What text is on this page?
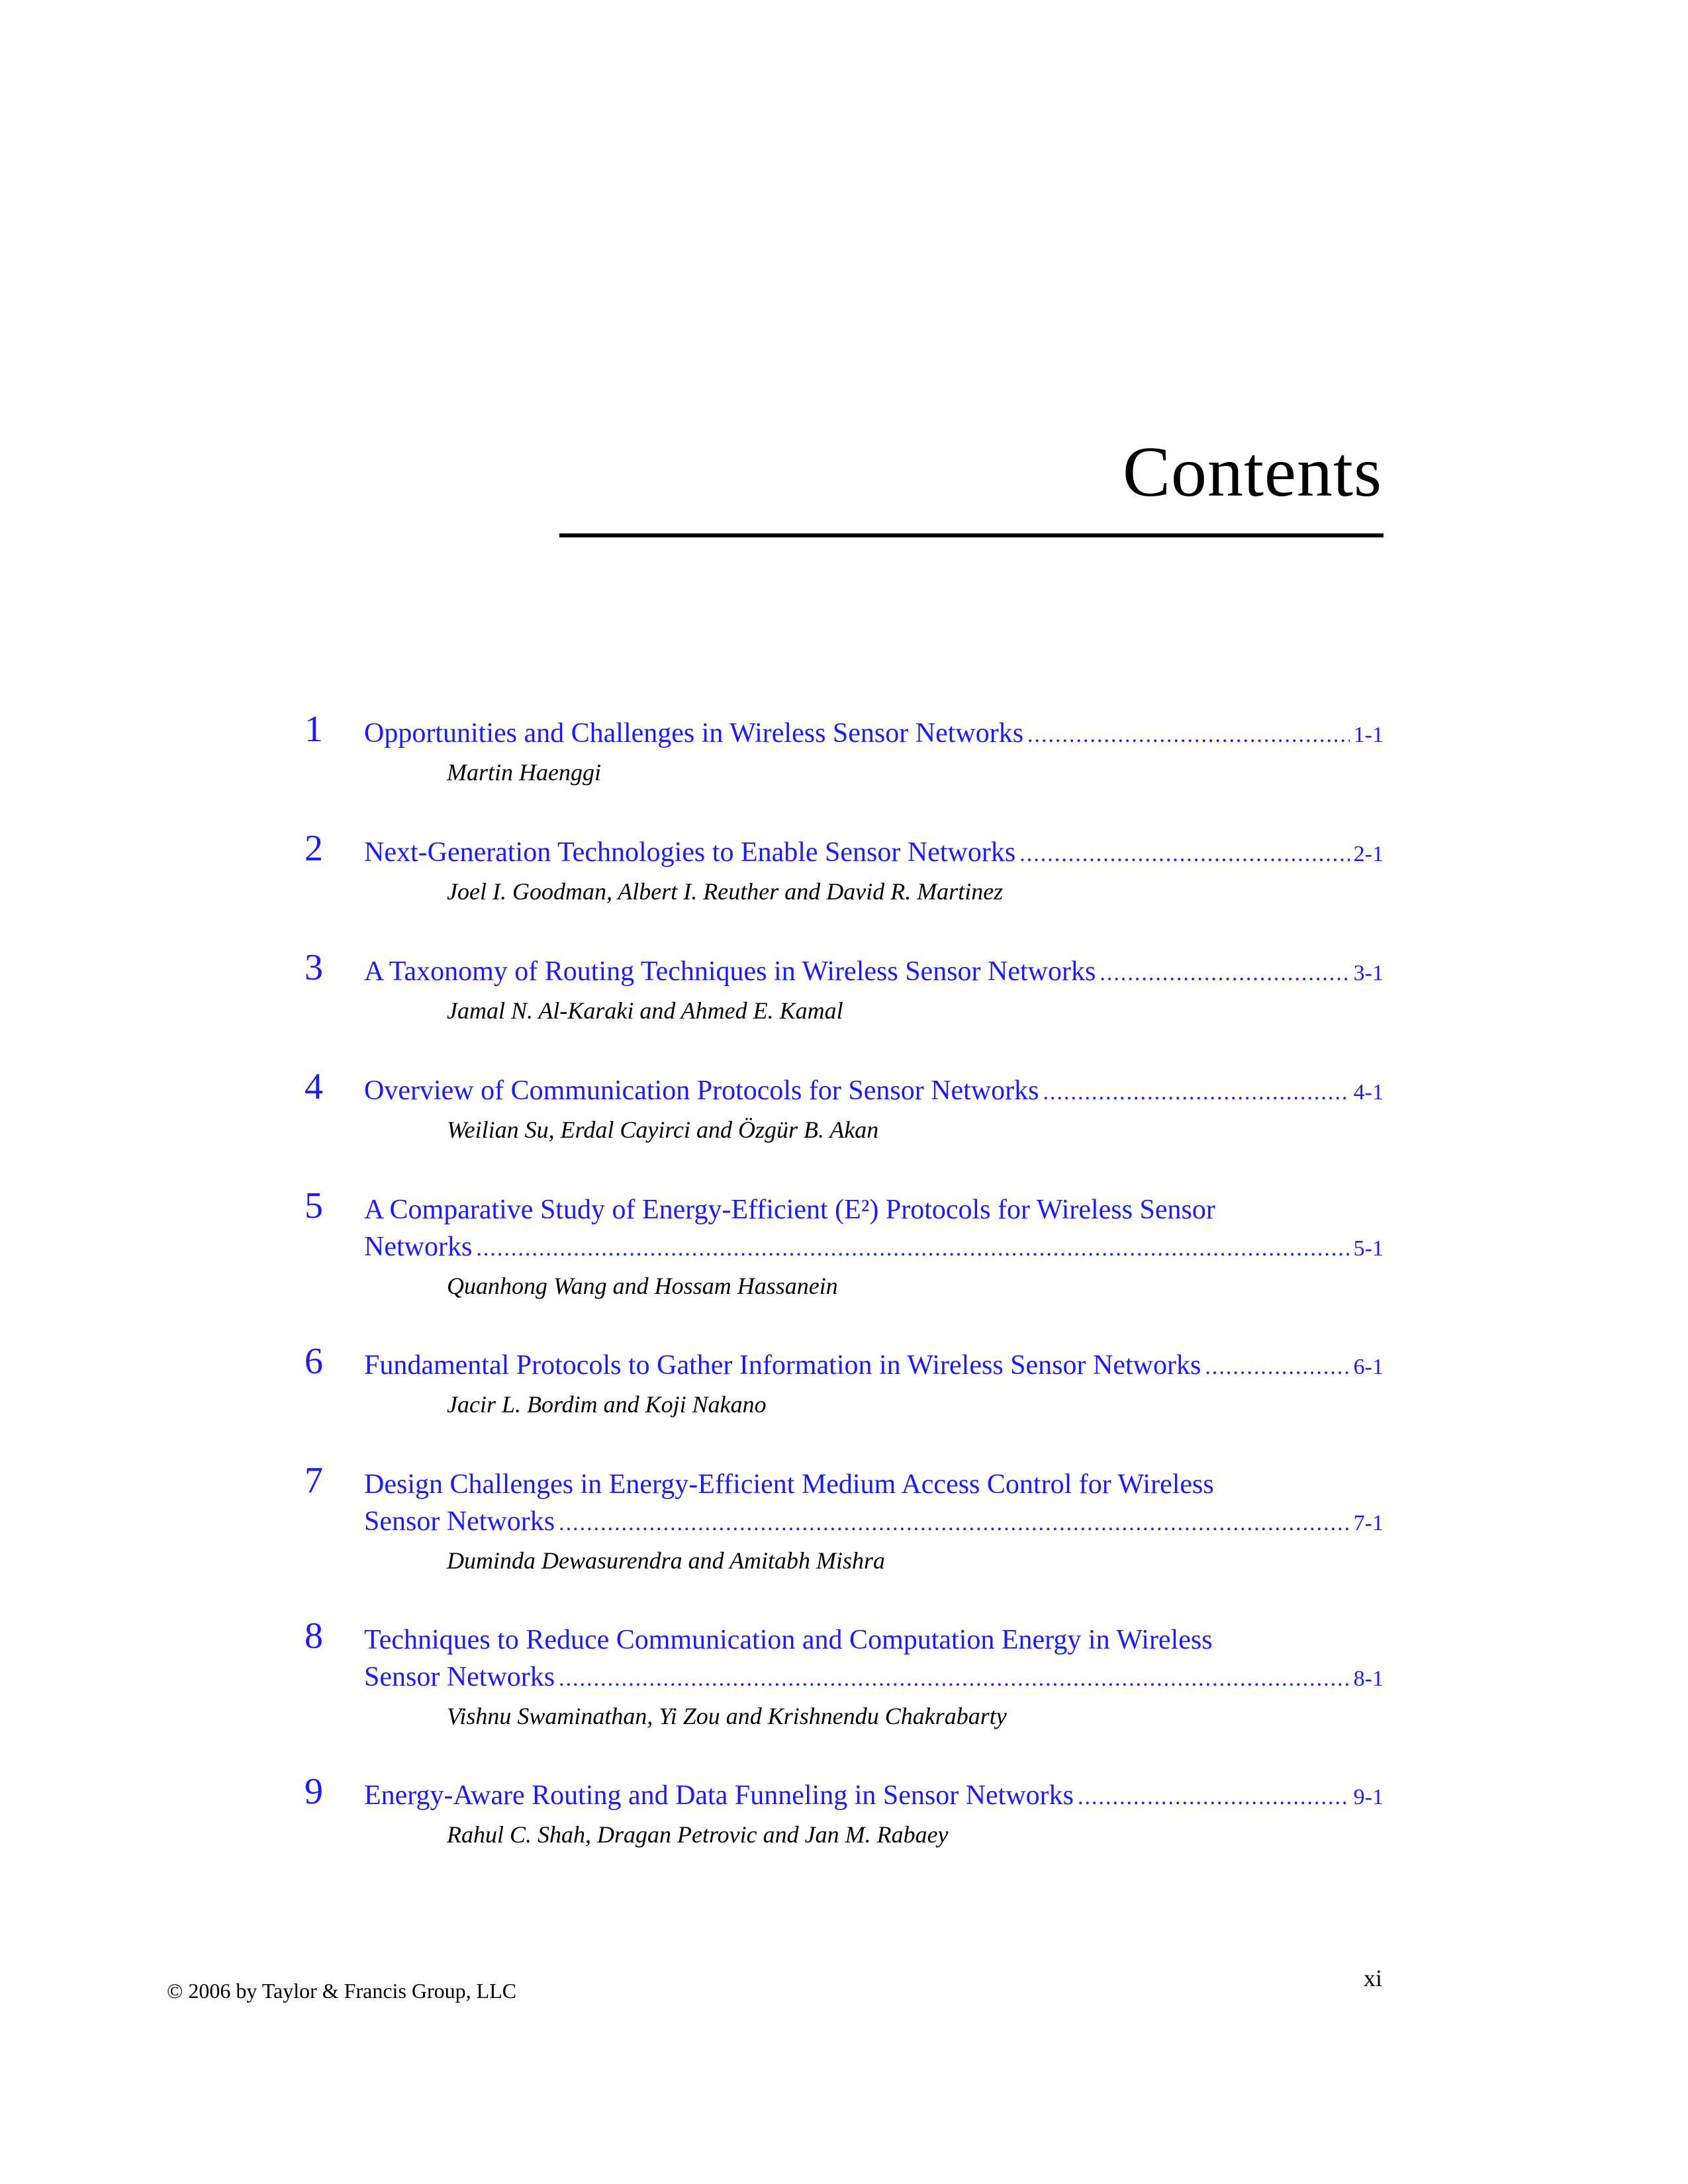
Contents
1 Opportunities and Challenges in Wireless Sensor Networks .....	1-1
Martin Haenggi
2 Next-Generation Technologies to Enable Sensor Networks .....	2-1
Joel I. Goodman, Albert I. Reuther and David R. Martinez
3 A Taxonomy of Routing Techniques in Wireless Sensor Networks .....	3-1
Jamal N. Al-Karaki and Ahmed E. Kamal
4 Overview of Communication Protocols for Sensor Networks .....	4-1
Weilian Su, Erdal Cayirci and Özgür B. Akan
5 A Comparative Study of Energy-Efficient (E²) Protocols for Wireless Sensor
Networks .....	5-1
Quanhong Wang and Hossam Hassanein
6 Fundamental Protocols to Gather Information in Wireless Sensor Networks .....	6-1
Jacir L. Bordim and Koji Nakano
7 Design Challenges in Energy-Efficient Medium Access Control for Wireless
Sensor Networks .....	7-1
Duminda Dewasurendra and Amitabh Mishra
8 Techniques to Reduce Communication and Computation Energy in Wireless
Sensor Networks .....	8-1
Vishnu Swaminathan, Yi Zou and Krishnendu Chakrabarty
9 Energy-Aware Routing and Data Funneling in Sensor Networks .....	9-1
Rahul C. Shah, Dragan Petrovic and Jan M. Rabaey
© 2006 by Taylor & Francis Group, LLC	xi
